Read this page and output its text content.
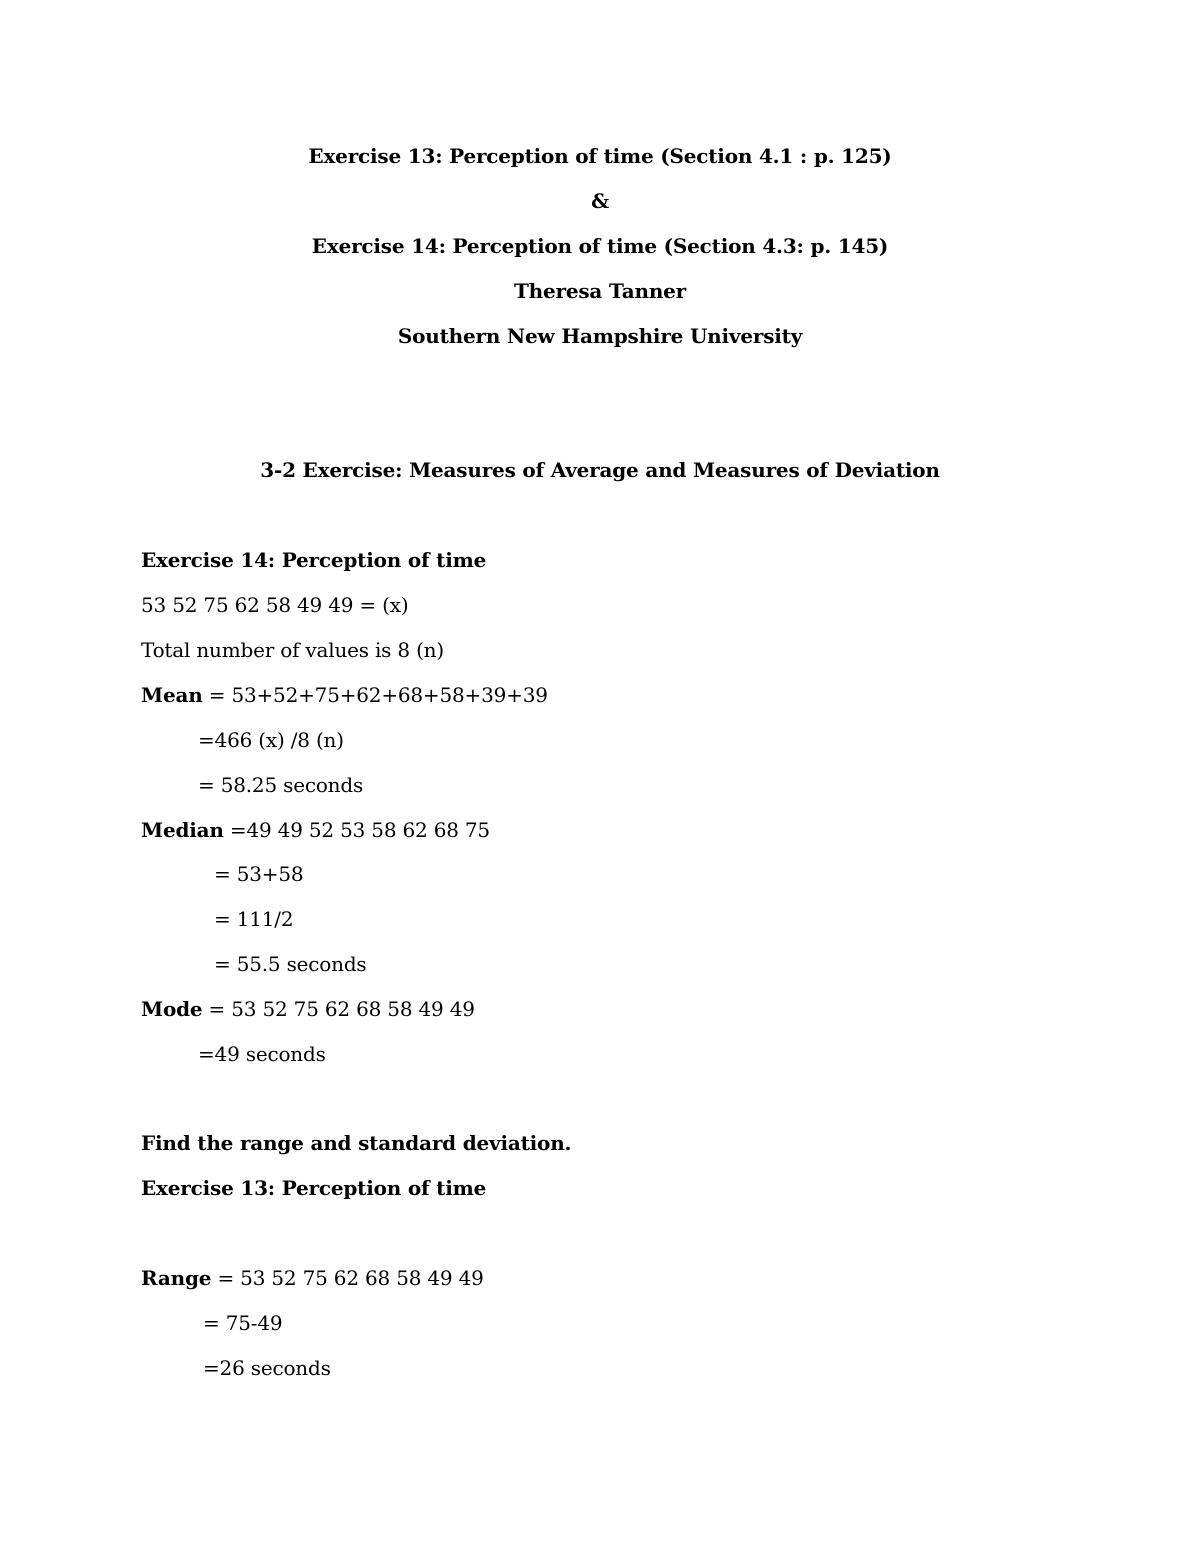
Exercise 13: Perception of time (Section 4.1 : p. 125)
&
Exercise 14: Perception of time (Section 4.3: p. 145)
Theresa Tanner
Southern New Hampshire University
3-2 Exercise: Measures of Average and Measures of Deviation
Exercise 14: Perception of time
53 52 75 62 58 49 49 = (x)
Total number of values is 8 (n)
Mean = 53+52+75+62+68+58+39+39
=466 (x) /8 (n)
= 58.25 seconds
Median =49 49 52 53 58 62 68 75
= 53+58
= 111/2
= 55.5 seconds
Mode = 53 52 75 62 68 58 49 49
=49 seconds
Find the range and standard deviation.
Exercise 13: Perception of time
Range = 53 52 75 62 68 58 49 49
= 75-49
=26 seconds
